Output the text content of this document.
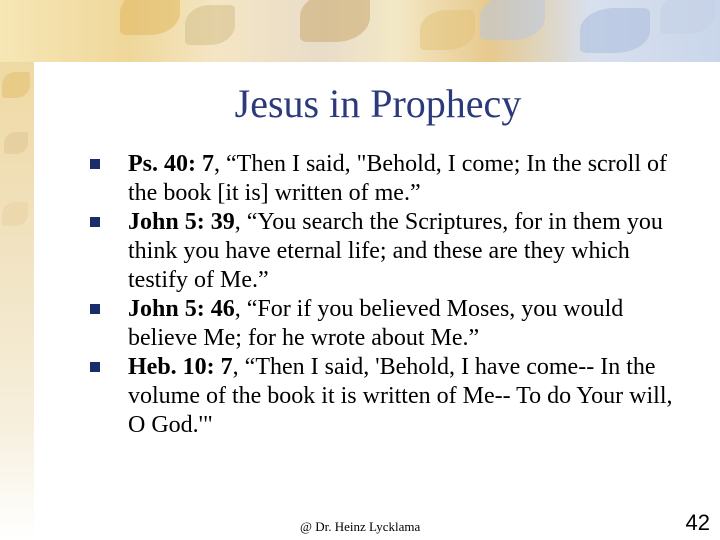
Jesus in Prophecy
Ps. 40: 7, “Then I said, "Behold, I come; In the scroll of the book [it is] written of me.”
John 5: 39, “You search the Scriptures, for in them you think you have eternal life; and these are they which testify of Me.”
John 5: 46, “For if you believed Moses, you would believe Me; for he wrote about Me.”
Heb. 10: 7, “Then I said, 'Behold, I have come-- In the volume of the book it is written of Me-- To do Your will, O God.'"
@ Dr. Heinz Lycklama	42
